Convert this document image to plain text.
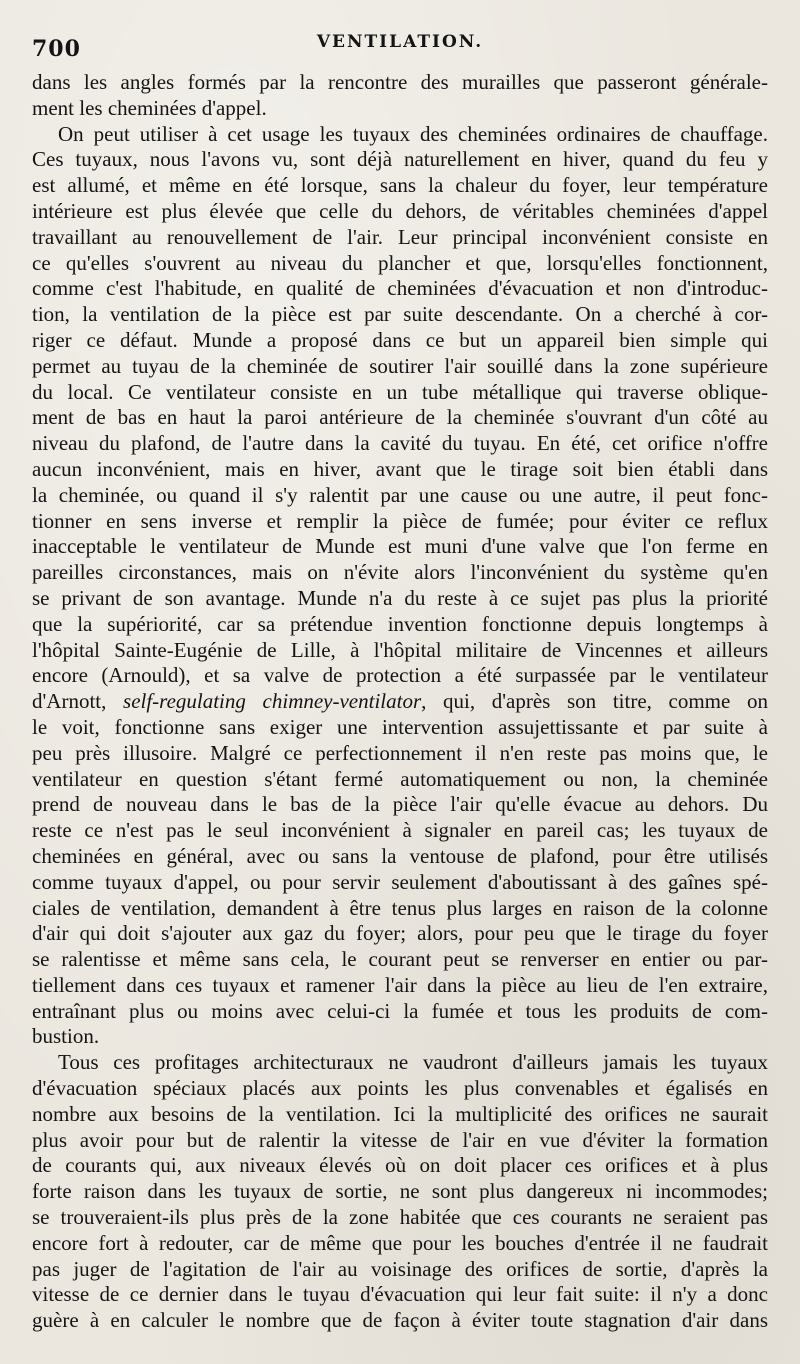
700	VENTILATION.
dans les angles formés par la rencontre des murailles que passeront générale-
ment les cheminées d'appel.
On peut utiliser à cet usage les tuyaux des cheminées ordinaires de chauffage.
Ces tuyaux, nous l'avons vu, sont déjà naturellement en hiver, quand du feu y
est allumé, et même en été lorsque, sans la chaleur du foyer, leur température
intérieure est plus élevée que celle du dehors, de véritables cheminées d'appel
travaillant au renouvellement de l'air. Leur principal inconvénient consiste en
ce qu'elles s'ouvrent au niveau du plancher et que, lorsqu'elles fonctionnent,
comme c'est l'habitude, en qualité de cheminées d'évacuation et non d'introduc-
tion, la ventilation de la pièce est par suite descendante. On a cherché à cor-
riger ce défaut. Munde a proposé dans ce but un appareil bien simple qui
permet au tuyau de la cheminée de soutirer l'air souillé dans la zone supérieure
du local. Ce ventilateur consiste en un tube métallique qui traverse oblique-
ment de bas en haut la paroi antérieure de la cheminée s'ouvrant d'un côté au
niveau du plafond, de l'autre dans la cavité du tuyau. En été, cet orifice n'offre
aucun inconvénient, mais en hiver, avant que le tirage soit bien établi dans
la cheminée, ou quand il s'y ralentit par une cause ou une autre, il peut fonc-
tionner en sens inverse et remplir la pièce de fumée; pour éviter ce reflux
inacceptable le ventilateur de Munde est muni d'une valve que l'on ferme en
pareilles circonstances, mais on n'évite alors l'inconvénient du système qu'en
se privant de son avantage. Munde n'a du reste à ce sujet pas plus la priorité
que la supériorité, car sa prétendue invention fonctionne depuis longtemps à
l'hôpital Sainte-Eugénie de Lille, à l'hôpital militaire de Vincennes et ailleurs
encore (Arnould), et sa valve de protection a été surpassée par le ventilateur
d'Arnott, self-regulating chimney-ventilator, qui, d'après son titre, comme on
le voit, fonctionne sans exiger une intervention assujettissante et par suite à
peu près illusoire. Malgré ce perfectionnement il n'en reste pas moins que, le
ventilateur en question s'étant fermé automatiquement ou non, la cheminée
prend de nouveau dans le bas de la pièce l'air qu'elle évacue au dehors. Du
reste ce n'est pas le seul inconvénient à signaler en pareil cas; les tuyaux de
cheminées en général, avec ou sans la ventouse de plafond, pour être utilisés
comme tuyaux d'appel, ou pour servir seulement d'aboutissant à des gaînes spé-
ciales de ventilation, demandent à être tenus plus larges en raison de la colonne
d'air qui doit s'ajouter aux gaz du foyer; alors, pour peu que le tirage du foyer
se ralentisse et même sans cela, le courant peut se renverser en entier ou par-
tiellement dans ces tuyaux et ramener l'air dans la pièce au lieu de l'en extraire,
entraînant plus ou moins avec celui-ci la fumée et tous les produits de com-
bustion.
Tous ces profitages architecturaux ne vaudront d'ailleurs jamais les tuyaux
d'évacuation spéciaux placés aux points les plus convenables et égalisés en
nombre aux besoins de la ventilation. Ici la multiplicité des orifices ne saurait
plus avoir pour but de ralentir la vitesse de l'air en vue d'éviter la formation
de courants qui, aux niveaux élevés où on doit placer ces orifices et à plus
forte raison dans les tuyaux de sortie, ne sont plus dangereux ni incommodes;
se trouveraient-ils plus près de la zone habitée que ces courants ne seraient pas
encore fort à redouter, car de même que pour les bouches d'entrée il ne faudrait
pas juger de l'agitation de l'air au voisinage des orifices de sortie, d'après la
vitesse de ce dernier dans le tuyau d'évacuation qui leur fait suite: il n'y a donc
guère à en calculer le nombre que de façon à éviter toute stagnation d'air dans
